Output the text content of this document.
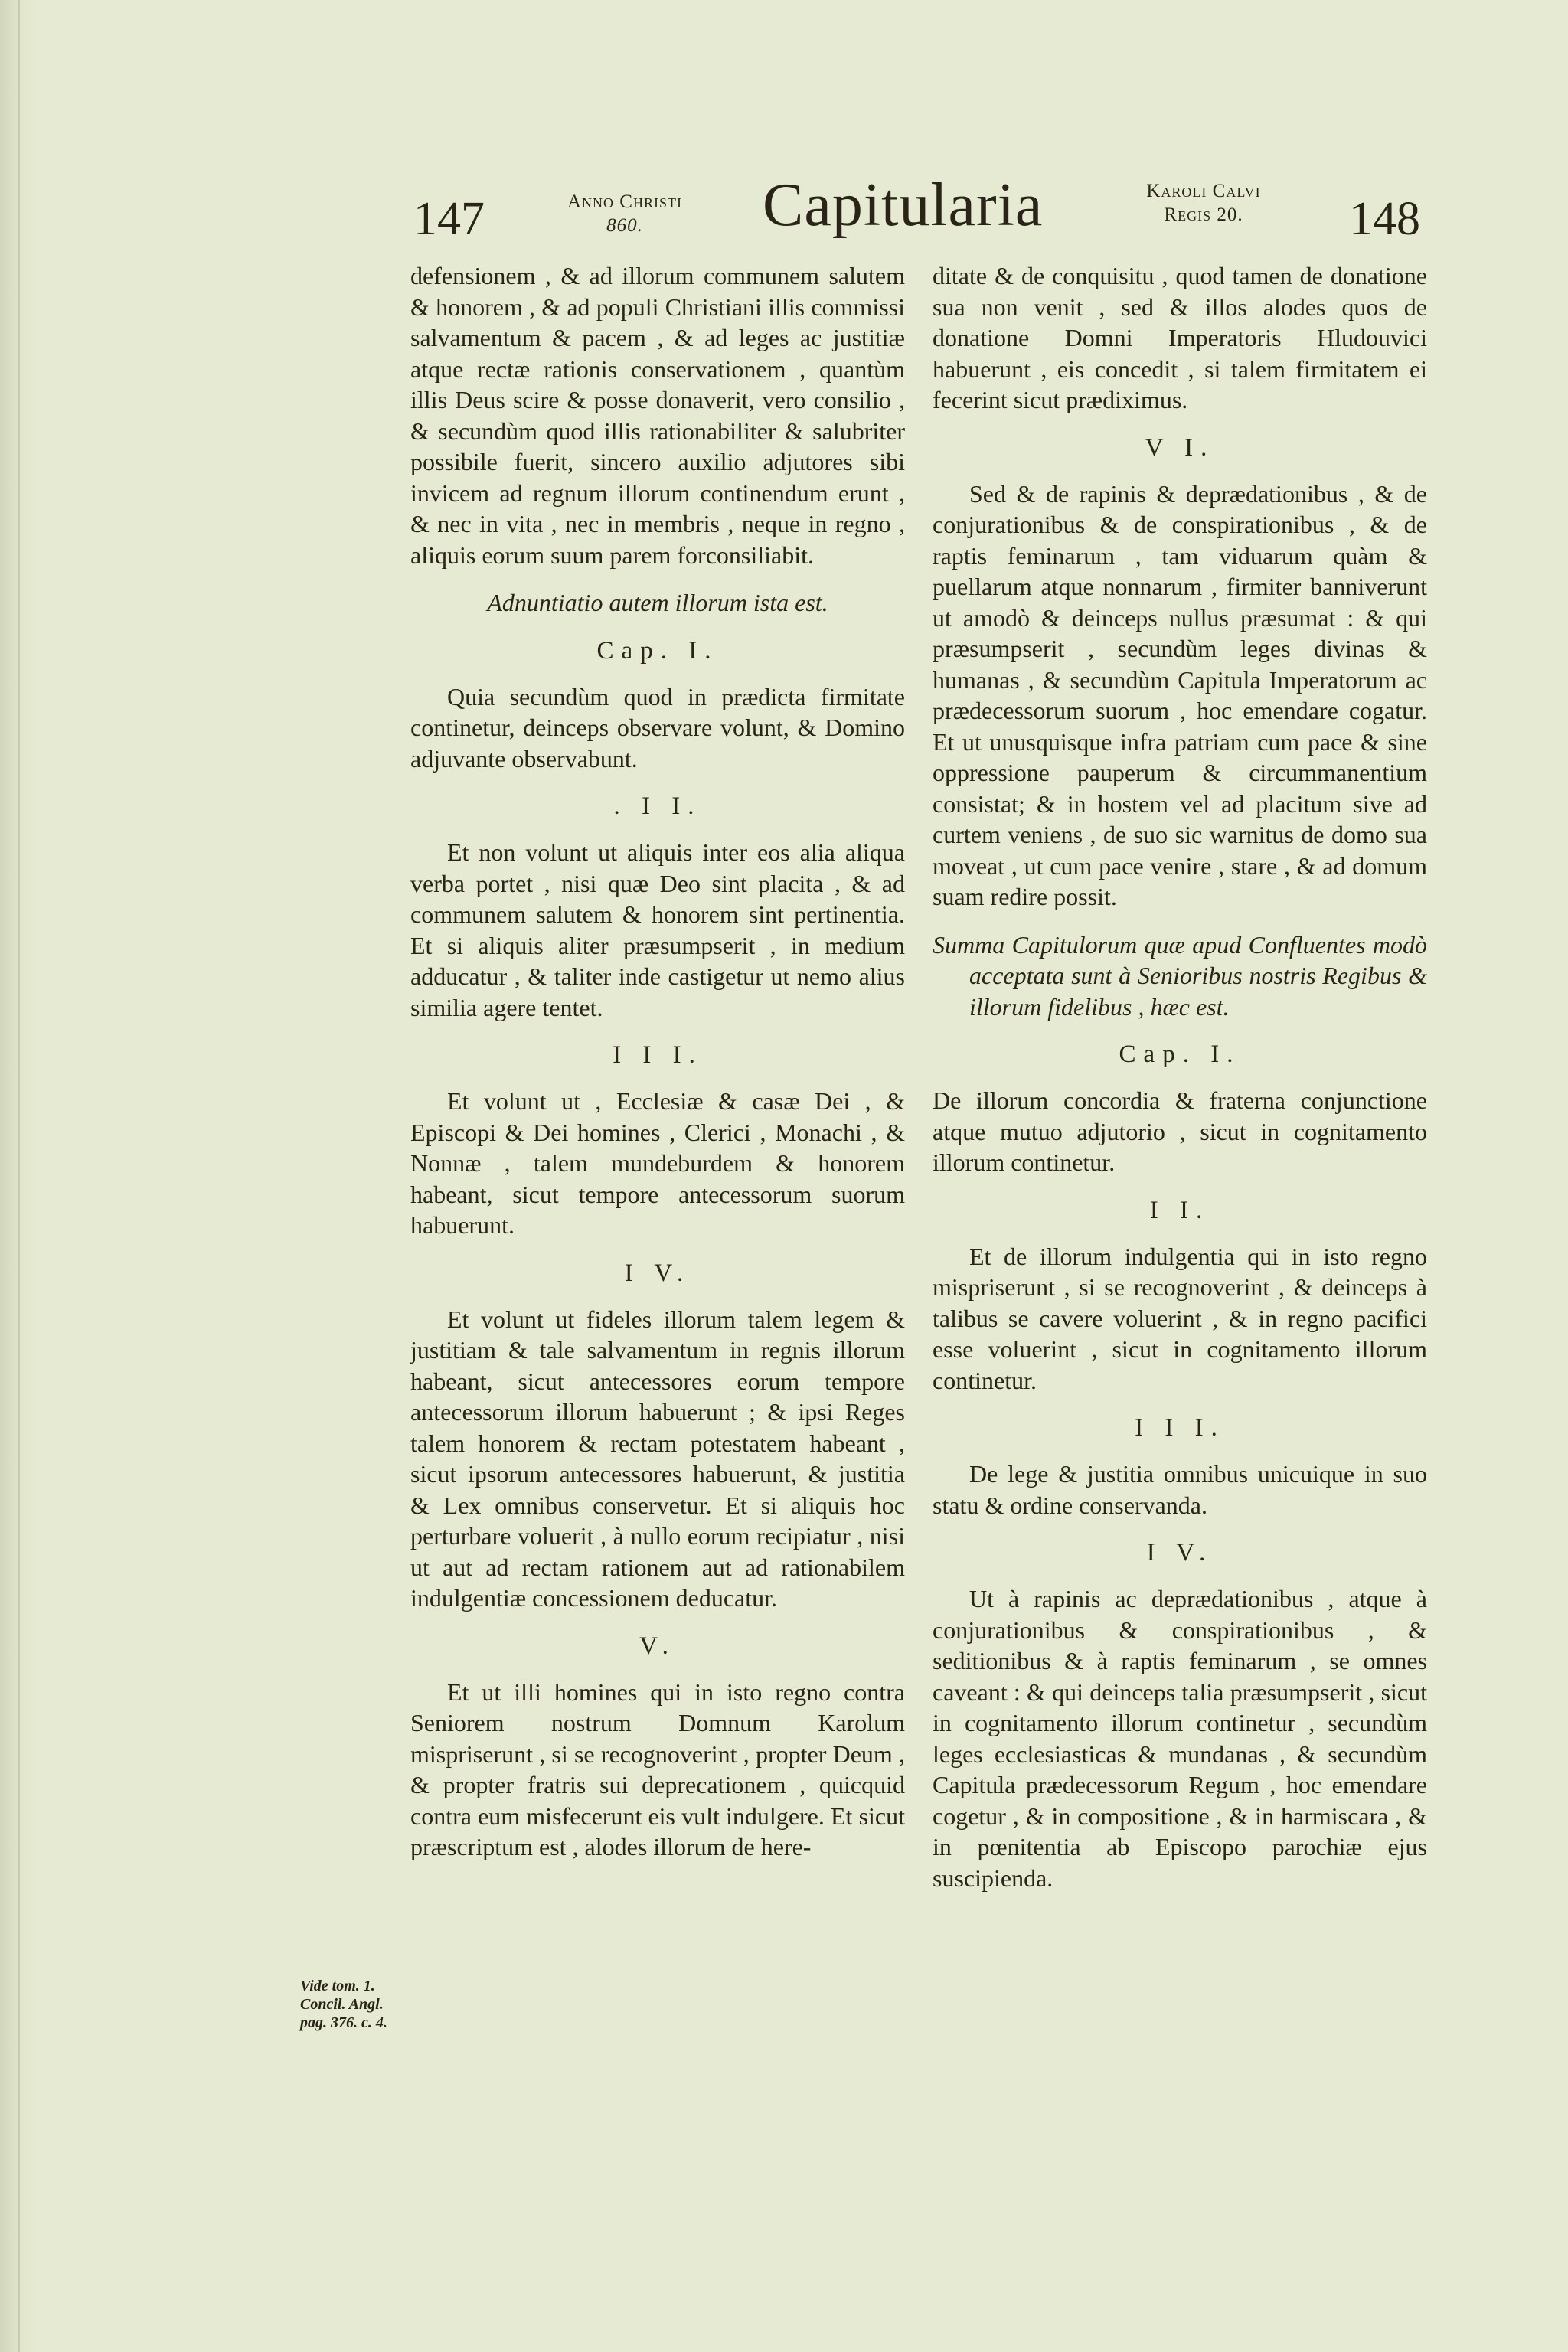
147	Anno Christi
860.	Capitularia	Karoli Calvi
Regis 20.	148

defensionem , & ad illorum communem salutem & honorem , & ad populi Christiani illis commissi salvamentum & pacem , & ad leges ac justitiæ atque rectæ rationis conservationem , quantùm illis Deus scire & posse donaverit, vero consilio , & secundùm quod illis rationabiliter & salubriter possibile fuerit, sincero auxilio adjutores sibi invicem ad regnum illorum continendum erunt , & nec in vita , nec in membris , neque in regno , aliquis eorum suum parem forconsiliabit.

Adnuntiatio autem illorum ista est.

Cap. I.

Quia secundùm quod in prædicta firmitate continetur, deinceps observare volunt, & Domino adjuvante observabunt.

. I I.

Et non volunt ut aliquis inter eos alia aliqua verba portet , nisi quæ Deo sint placita , & ad communem salutem & honorem sint pertinentia. Et si aliquis aliter præsumpserit , in medium adducatur , & taliter inde castigetur ut nemo alius similia agere tentet.

I I I.

Et volunt ut , Ecclesiæ & casæ Dei , & Episcopi & Dei homines , Clerici , Monachi , & Nonnæ , talem mundeburdem & honorem habeant, sicut tempore antecessorum suorum habuerunt.

I V.

Et volunt ut fideles illorum talem legem & justitiam & tale salvamentum in regnis illorum habeant, sicut antecessores eorum tempore antecessorum illorum habuerunt ; & ipsi Reges talem honorem & rectam potestatem habeant , sicut ipsorum antecessores habuerunt, & justitia & Lex omnibus conservetur. Et si aliquis hoc perturbare voluerit , à nullo eorum recipiatur , nisi ut aut ad rectam rationem aut ad rationabilem indulgentiæ concessionem deducatur.

V.

Et ut illi homines qui in isto regno contra Seniorem nostrum Domnum Karolum mispriserunt , si se recognoverint , propter Deum , & propter fratris sui deprecationem , quicquid contra eum misfecerunt eis vult indulgere. Et sicut præscriptum est , alodes illorum de here-

Vide tom. 1. Concil. Angl. pag. 376. c. 4.

ditate & de conquisitu , quod tamen de donatione sua non venit , sed & illos alodes quos de donatione Domni Imperatoris Hludouvici habuerunt , eis concedit , si talem firmitatem ei fecerint sicut prædiximus.

V I.

Sed & de rapinis & deprædationibus , & de conjurationibus & de conspirationibus , & de raptis feminarum , tam viduarum quàm & puellarum atque nonnarum , firmiter banniverunt ut amodò & deinceps nullus præsumat : & qui præsumpserit , secundùm leges divinas & humanas , & secundùm Capitula Imperatorum ac prædecessorum suorum , hoc emendare cogatur. Et ut unusquisque infra patriam cum pace & sine oppressione pauperum & circummanentium consistat; & in hostem vel ad placitum sive ad curtem veniens , de suo sic warnitus de domo sua moveat , ut cum pace venire , stare , & ad domum suam redire possit.

Summa Capitulorum quæ apud Confluentes modò acceptata sunt à Senioribus nostris Regibus & illorum fidelibus , hæc est.

Cap. I.

De illorum concordia & fraterna conjunctione atque mutuo adjutorio , sicut in cognitamento illorum continetur.

I I.

Et de illorum indulgentia qui in isto regno mispriserunt , si se recognoverint , & deinceps à talibus se cavere voluerint , & in regno pacifici esse voluerint , sicut in cognitamento illorum continetur.

I I I.

De lege & justitia omnibus unicuique in suo statu & ordine conservanda.

I V.

Ut à rapinis ac deprædationibus , atque à conjurationibus & conspirationibus , & seditionibus & à raptis feminarum , se omnes caveant : & qui deinceps talia præsumpserit , sicut in cognitamento illorum continetur , secundùm leges ecclesiasticas & mundanas , & secundùm Capitula prædecessorum Regum , hoc emendare cogetur , & in compositione , & in harmiscara , & in pœnitentia ab Episcopo parochiæ ejus suscipienda.
